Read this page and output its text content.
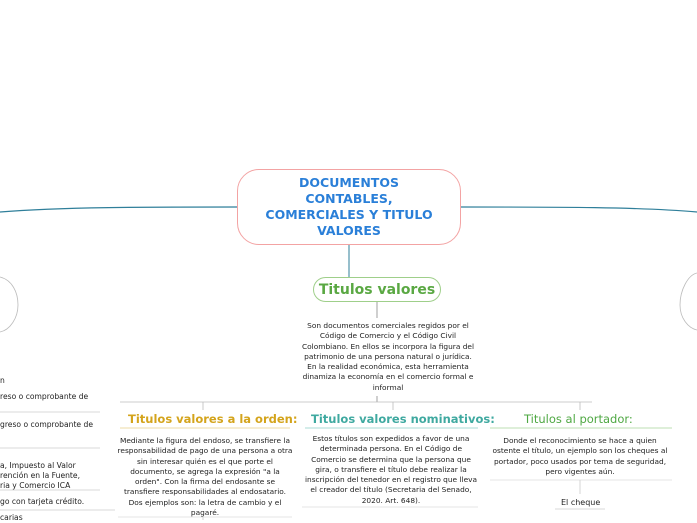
DOCUMENTOS CONTABLES, COMERCIALES Y TITULO VALORES
Titulos valores
Son documentos comerciales regidos por el Código de Comercio y el Código Civil Colombiano. En ellos se incorpora la figura del patrimonio de una persona natural o jurídica. En la realidad económica, esta herramienta dinamiza la economía en el comercio formal e informal
Titulos valores a la orden:
Mediante la figura del endoso, se transfiere la responsabilidad de pago de una persona a otra sin interesar quién es el que porte el documento, se agrega la expresión "a la orden". Con la firma del endosante se transfiere responsabilidades al endosatario. Dos ejemplos son: la letra de cambio y el pagaré.
Titulos valores nominativos:
Estos títulos son expedidos a favor de una determinada persona. En el Código de Comercio se determina que la persona que gira, o transfiere el título debe realizar la inscripción del tenedor en el registro que lleva el creador del título (Secretaria del Senado, 2020. Art. 648).
Titulos al portador:
Donde el reconocimiento se hace a quien ostente el título, un ejemplo son los cheques al portador, poco usados por tema de seguridad, pero vigentes aún.
El cheque
n
reso o comprobante de
greso o comprobante de
a, Impuesto al Valor
rención en la Fuente,
ria y Comercio ICA
go con tarjeta crédito.
carias
